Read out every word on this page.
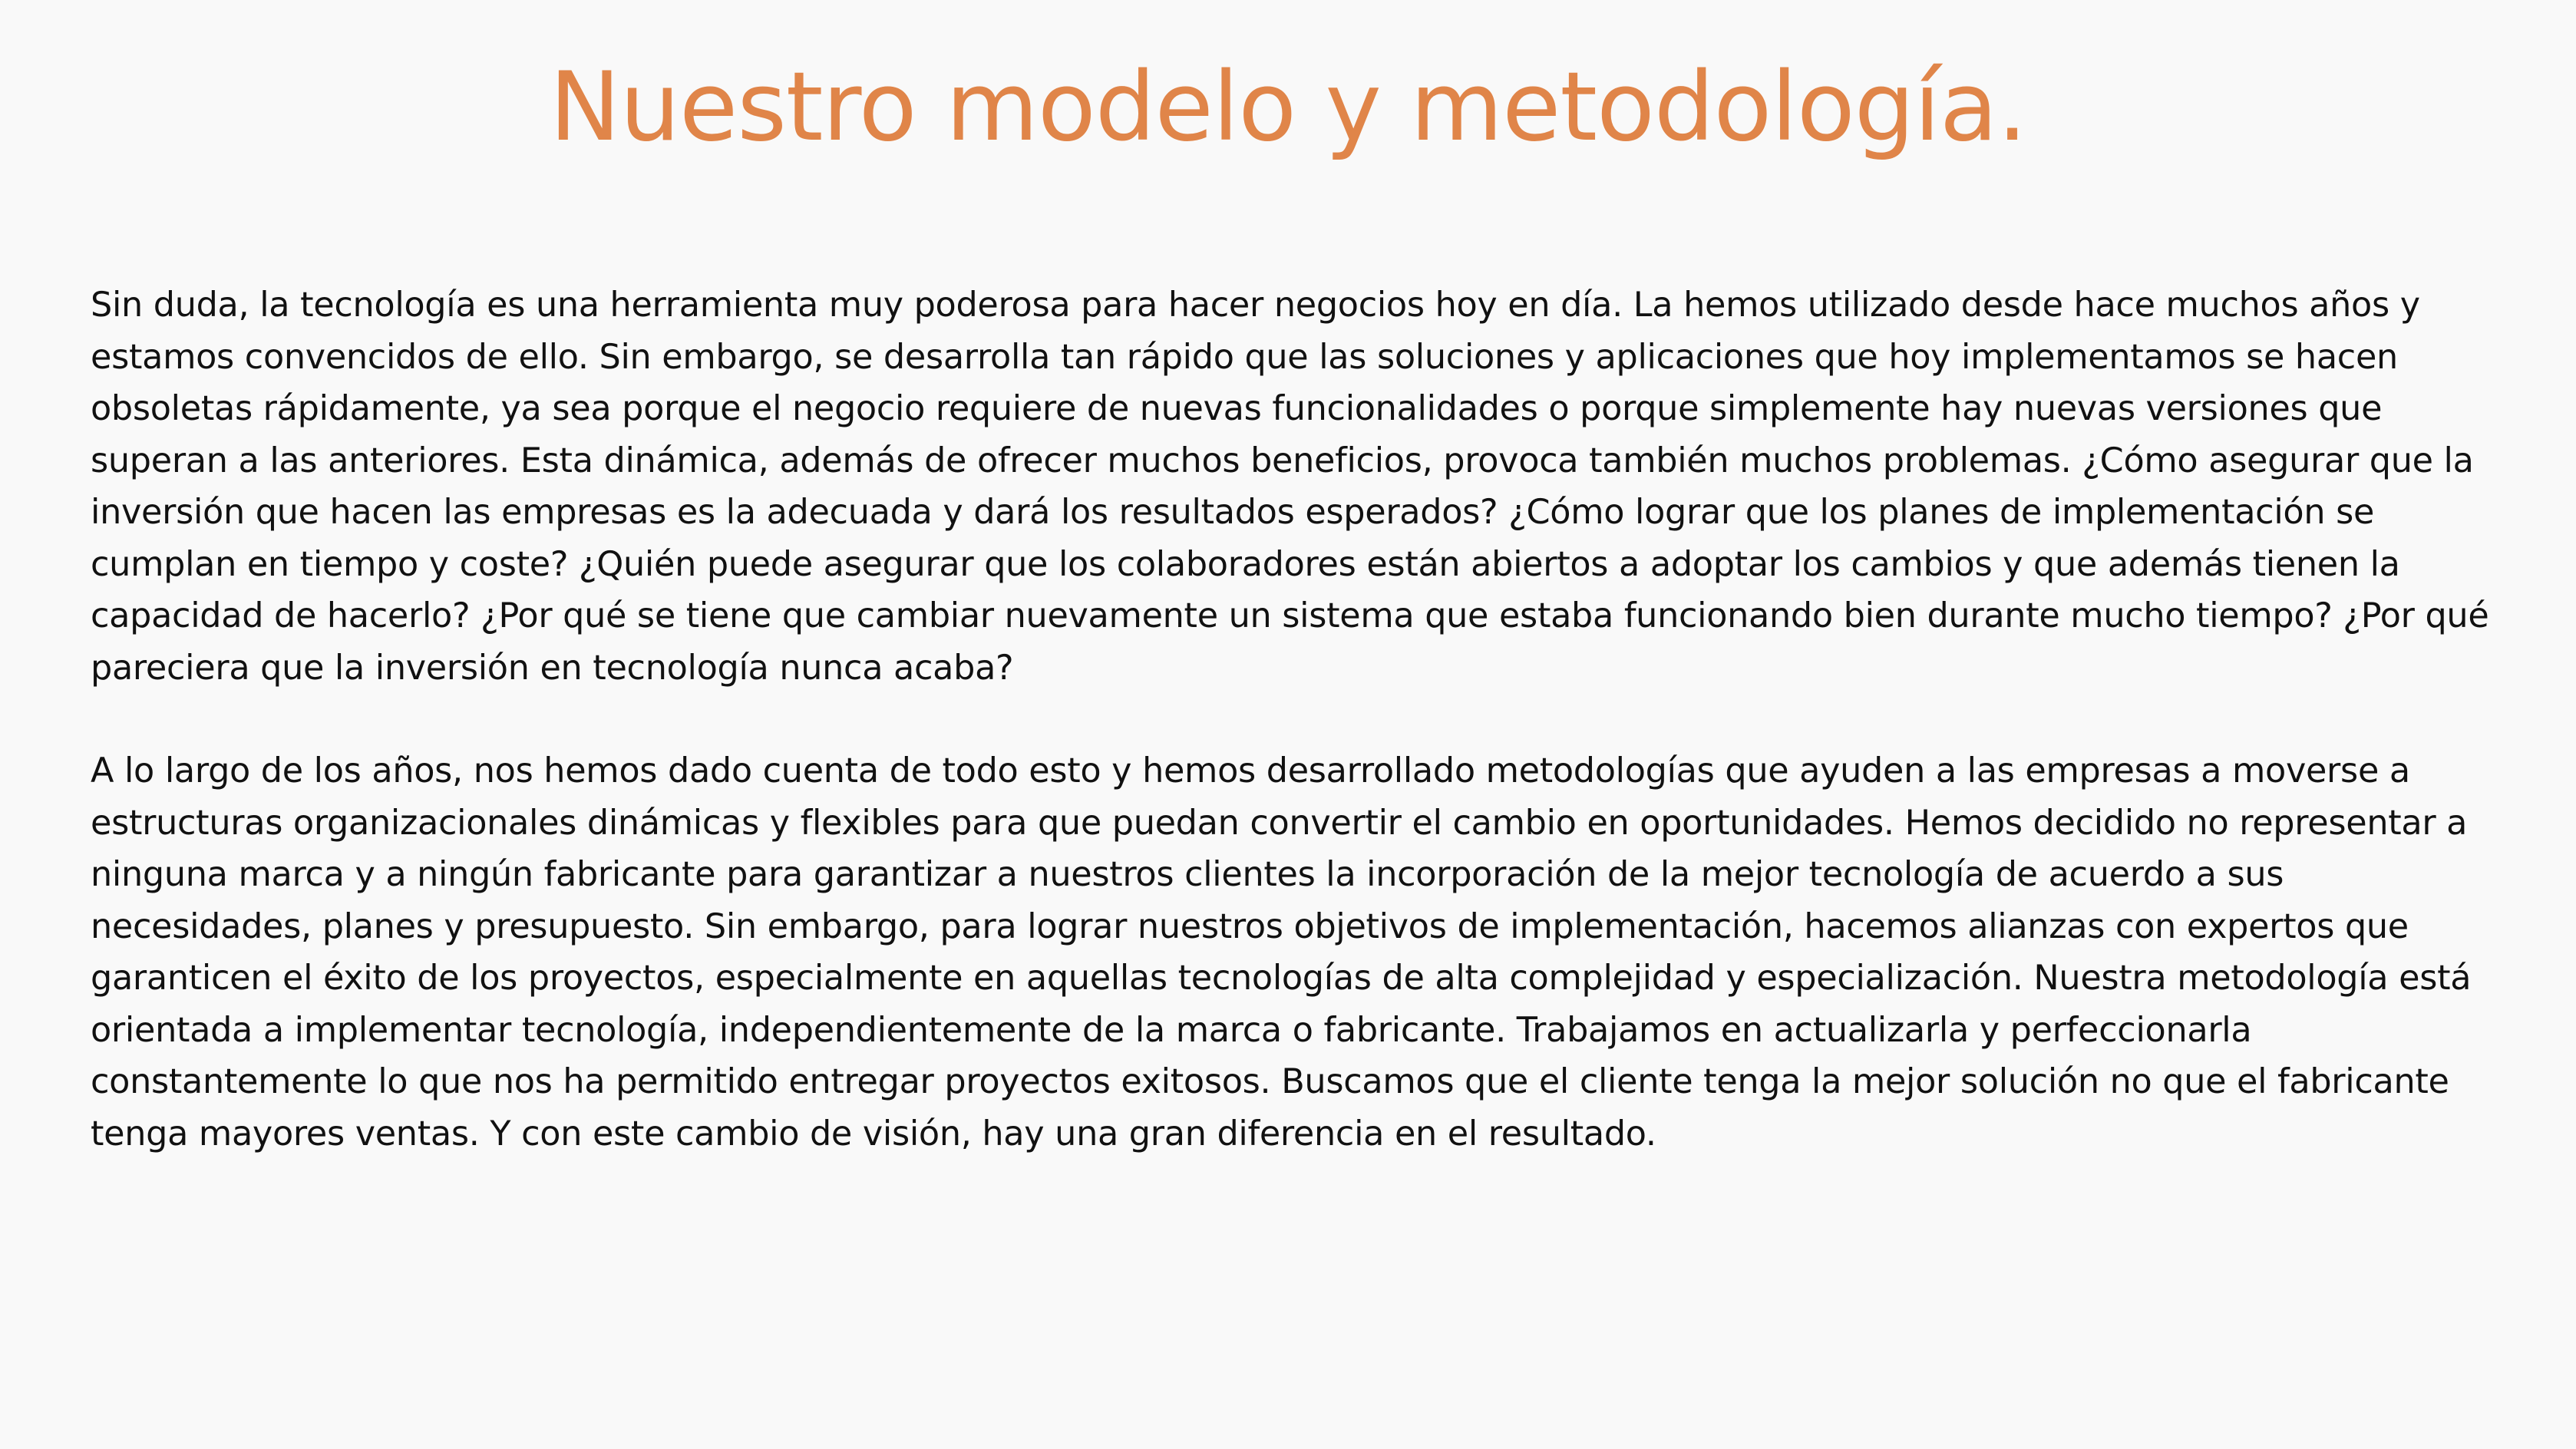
Nuestro modelo y metodología.

Sin duda, la tecnología es una herramienta muy poderosa para hacer negocios hoy en día. La hemos utilizado desde hace muchos años y estamos convencidos de ello. Sin embargo, se desarrolla tan rápido que las soluciones y aplicaciones que hoy implementamos se hacen obsoletas rápidamente, ya sea porque el negocio requiere de nuevas funcionalidades o porque simplemente hay nuevas versiones que superan a las anteriores. Esta dinámica, además de ofrecer muchos beneficios, provoca también muchos problemas. ¿Cómo asegurar que la inversión que hacen las empresas es la adecuada y dará los resultados esperados? ¿Cómo lograr que los planes de implementación se cumplan en tiempo y coste? ¿Quién puede asegurar que los colaboradores están abiertos a adoptar los cambios y que además tienen la capacidad de hacerlo? ¿Por qué se tiene que cambiar nuevamente un sistema que estaba funcionando bien durante mucho tiempo? ¿Por qué pareciera que la inversión en tecnología nunca acaba?

A lo largo de los años, nos hemos dado cuenta de todo esto y hemos desarrollado metodologías que ayuden a las empresas a moverse a estructuras organizacionales dinámicas y flexibles para que puedan convertir el cambio en oportunidades. Hemos decidido no representar a ninguna marca y a ningún fabricante para garantizar a nuestros clientes la incorporación de la mejor tecnología de acuerdo a sus necesidades, planes y presupuesto. Sin embargo, para lograr nuestros objetivos de implementación, hacemos alianzas con expertos que garanticen el éxito de los proyectos, especialmente en aquellas tecnologías de alta complejidad y especialización. Nuestra metodología está orientada a implementar tecnología, independientemente de la marca o fabricante. Trabajamos en actualizarla y perfeccionarla constantemente lo que nos ha permitido entregar proyectos exitosos. Buscamos que el cliente tenga la mejor solución no que el fabricante tenga mayores ventas. Y con este cambio de visión, hay una gran diferencia en el resultado.
